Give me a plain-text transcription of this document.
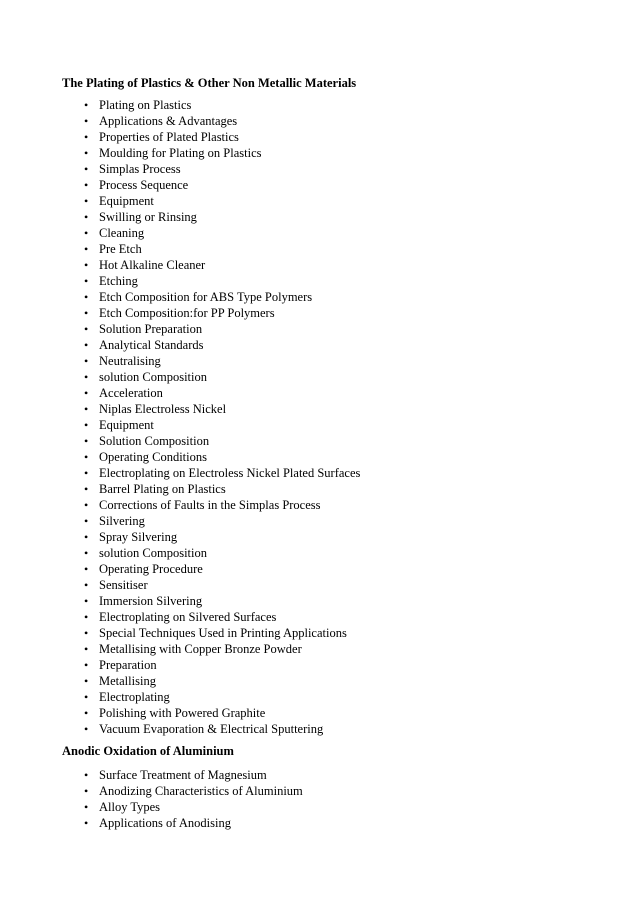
The Plating of Plastics & Other Non Metallic Materials
• Plating on Plastics
• Applications & Advantages
• Properties of Plated Plastics
• Moulding for Plating on Plastics
• Simplas Process
• Process Sequence
• Equipment
• Swilling or Rinsing
• Cleaning
• Pre Etch
• Hot Alkaline Cleaner
• Etching
• Etch Composition for ABS Type Polymers
• Etch Composition:for PP Polymers
• Solution Preparation
• Analytical Standards
• Neutralising
• solution Composition
• Acceleration
• Niplas Electroless Nickel
• Equipment
• Solution Composition
• Operating Conditions
• Electroplating on Electroless Nickel Plated Surfaces
• Barrel Plating on Plastics
• Corrections of Faults in the Simplas Process
• Silvering
• Spray Silvering
• solution Composition
• Operating Procedure
• Sensitiser
• Immersion Silvering
• Electroplating on Silvered Surfaces
• Special Techniques Used in Printing Applications
• Metallising with Copper Bronze Powder
• Preparation
• Metallising
• Electroplating
• Polishing with Powered Graphite
• Vacuum Evaporation & Electrical Sputtering
Anodic Oxidation of Aluminium
• Surface Treatment of Magnesium
• Anodizing Characteristics of Aluminium
• Alloy Types
• Applications of Anodising
